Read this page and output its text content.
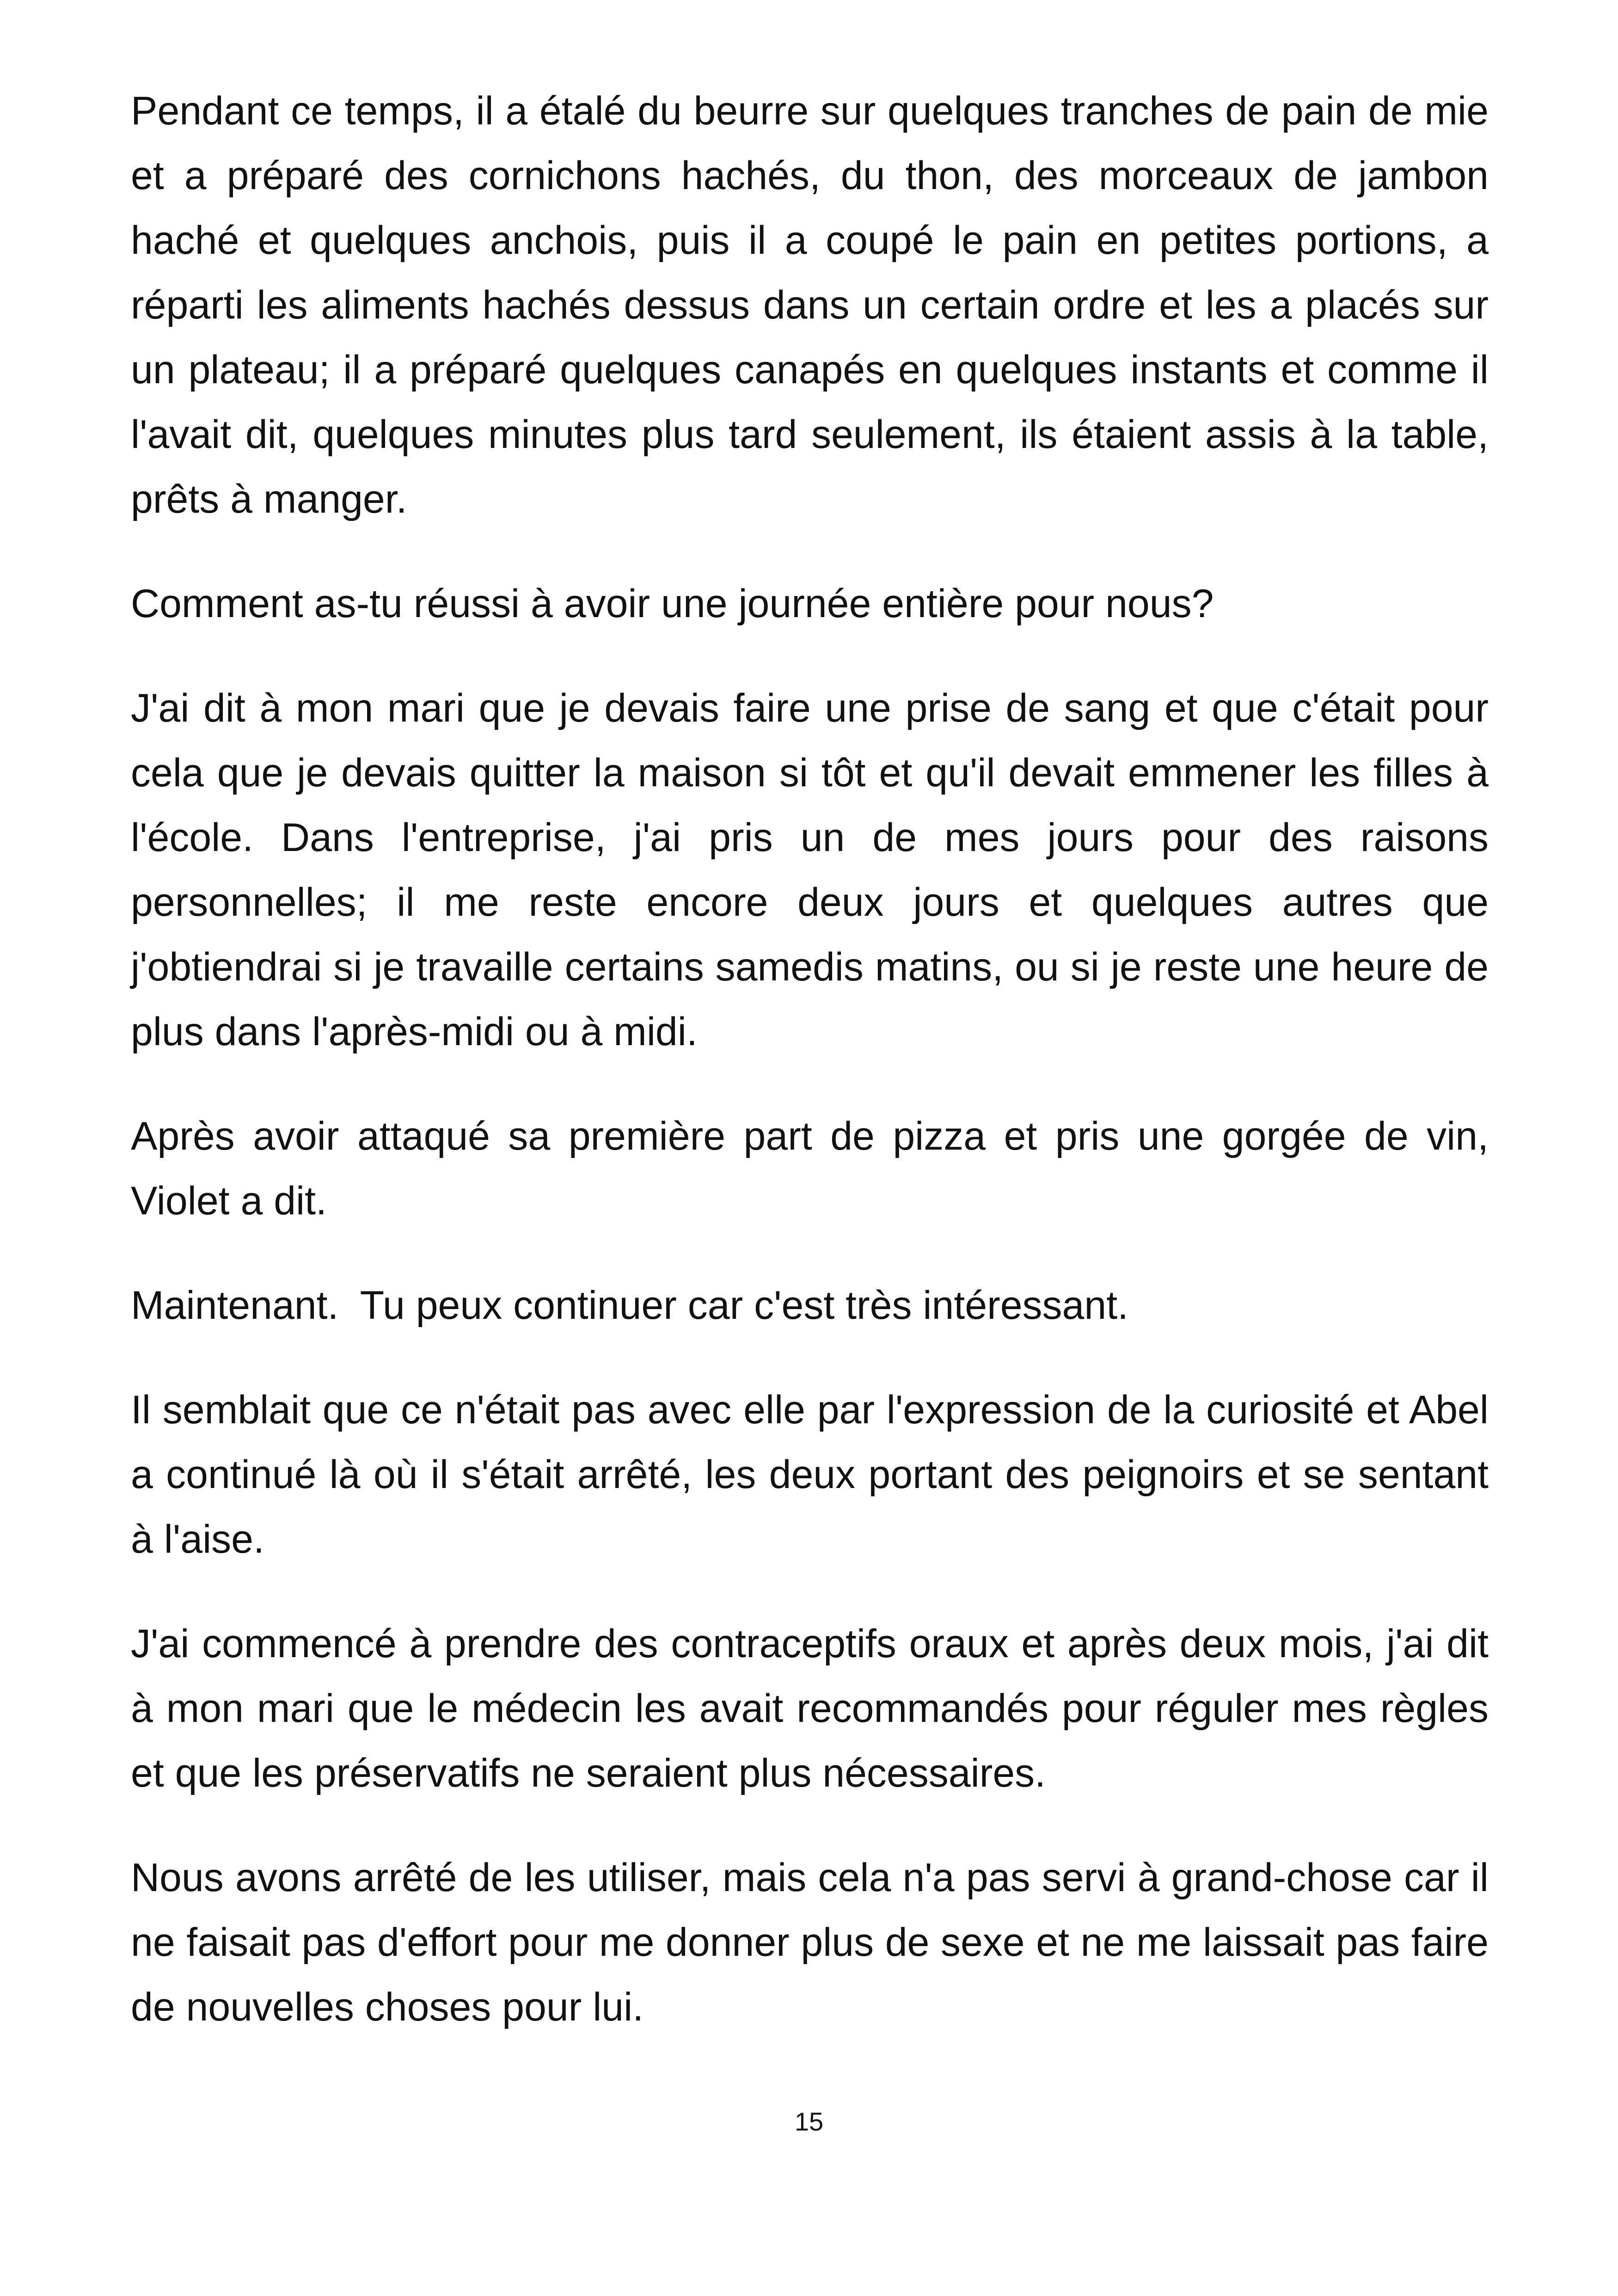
Pendant ce temps, il a étalé du beurre sur quelques tranches de pain de mie et a préparé des cornichons hachés, du thon, des morceaux de jambon haché et quelques anchois, puis il a coupé le pain en petites portions, a réparti les aliments hachés dessus dans un certain ordre et les a placés sur un plateau; il a préparé quelques canapés en quelques instants et comme il l'avait dit, quelques minutes plus tard seulement, ils étaient assis à la table, prêts à manger.

Comment as-tu réussi à avoir une journée entière pour nous?

J'ai dit à mon mari que je devais faire une prise de sang et que c'était pour cela que je devais quitter la maison si tôt et qu'il devait emmener les filles à l'école. Dans l'entreprise, j'ai pris un de mes jours pour des raisons personnelles; il me reste encore deux jours et quelques autres que j'obtiendrai si je travaille certains samedis matins, ou si je reste une heure de plus dans l'après-midi ou à midi.

Après avoir attaqué sa première part de pizza et pris une gorgée de vin, Violet a dit.

Maintenant.  Tu peux continuer car c'est très intéressant.

Il semblait que ce n'était pas avec elle par l'expression de la curiosité et Abel a continué là où il s'était arrêté, les deux portant des peignoirs et se sentant à l'aise.

J'ai commencé à prendre des contraceptifs oraux et après deux mois, j'ai dit à mon mari que le médecin les avait recommandés pour réguler mes règles et que les préservatifs ne seraient plus nécessaires.

Nous avons arrêté de les utiliser, mais cela n'a pas servi à grand-chose car il ne faisait pas d'effort pour me donner plus de sexe et ne me laissait pas faire de nouvelles choses pour lui.

15
